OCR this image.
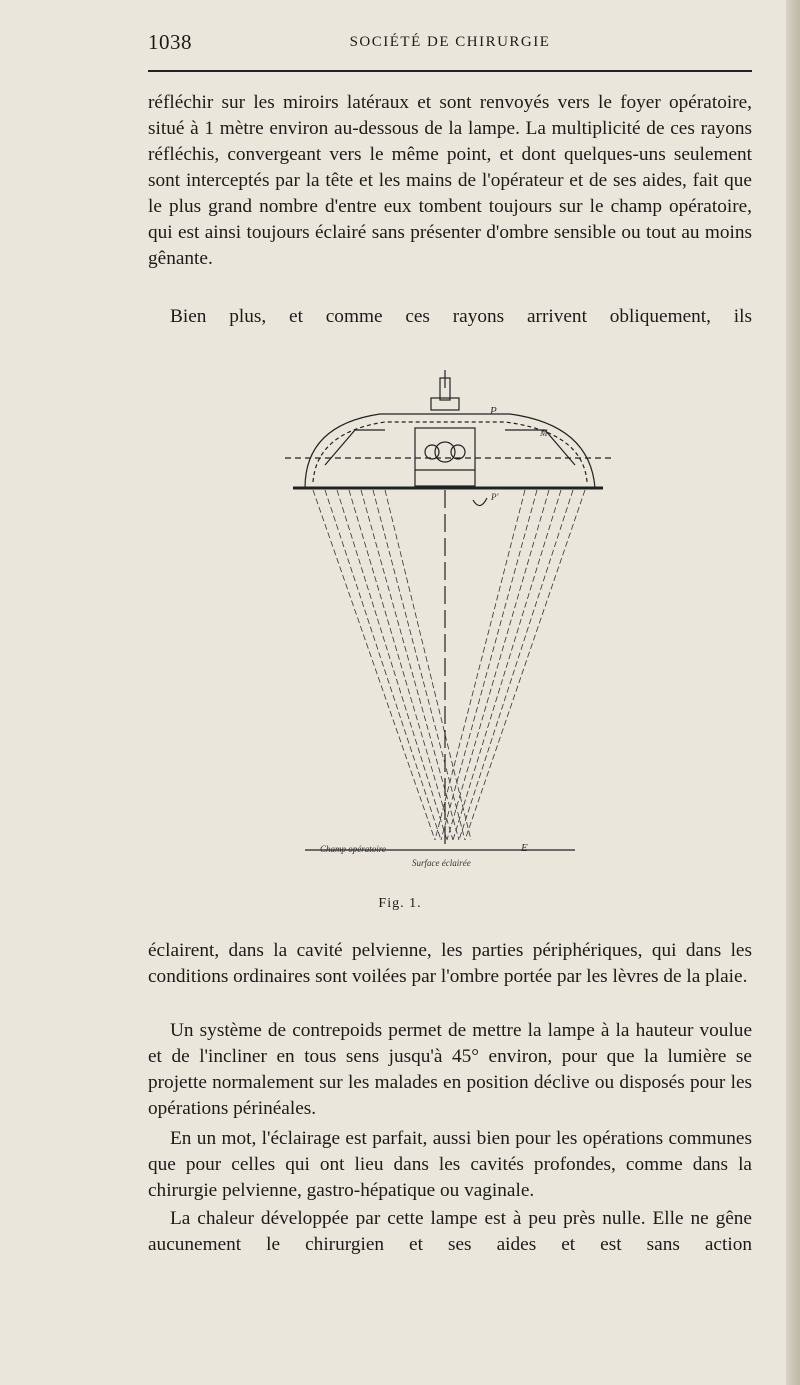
1038	SOCIÉTÉ DE CHIRURGIE

réfléchir sur les miroirs latéraux et sont renvoyés vers le foyer opératoire, situé à 1 mètre environ au-dessous de la lampe. La multiplicité de ces rayons réfléchis, convergeant vers le même point, et dont quelques-uns seulement sont interceptés par la tête et les mains de l'opérateur et de ses aides, fait que le plus grand nombre d'entre eux tombent toujours sur le champ opératoire, qui est ainsi toujours éclairé sans présenter d'ombre sensible ou tout au moins gênante.

Bien plus, et comme ces rayons arrivent obliquement, ils

P
M
P'
Champ opératoire
Surface éclairée
E
Fig. 1.

éclairent, dans la cavité pelvienne, les parties périphériques, qui dans les conditions ordinaires sont voilées par l'ombre portée par les lèvres de la plaie.

Un système de contrepoids permet de mettre la lampe à la hauteur voulue et de l'incliner en tous sens jusqu'à 45° environ, pour que la lumière se projette normalement sur les malades en position déclive ou disposés pour les opérations périnéales.

En un mot, l'éclairage est parfait, aussi bien pour les opérations communes que pour celles qui ont lieu dans les cavités profondes, comme dans la chirurgie pelvienne, gastro-hépatique ou vaginale.

La chaleur développée par cette lampe est à peu près nulle. Elle ne gêne aucunement le chirurgien et ses aides et est sans action
